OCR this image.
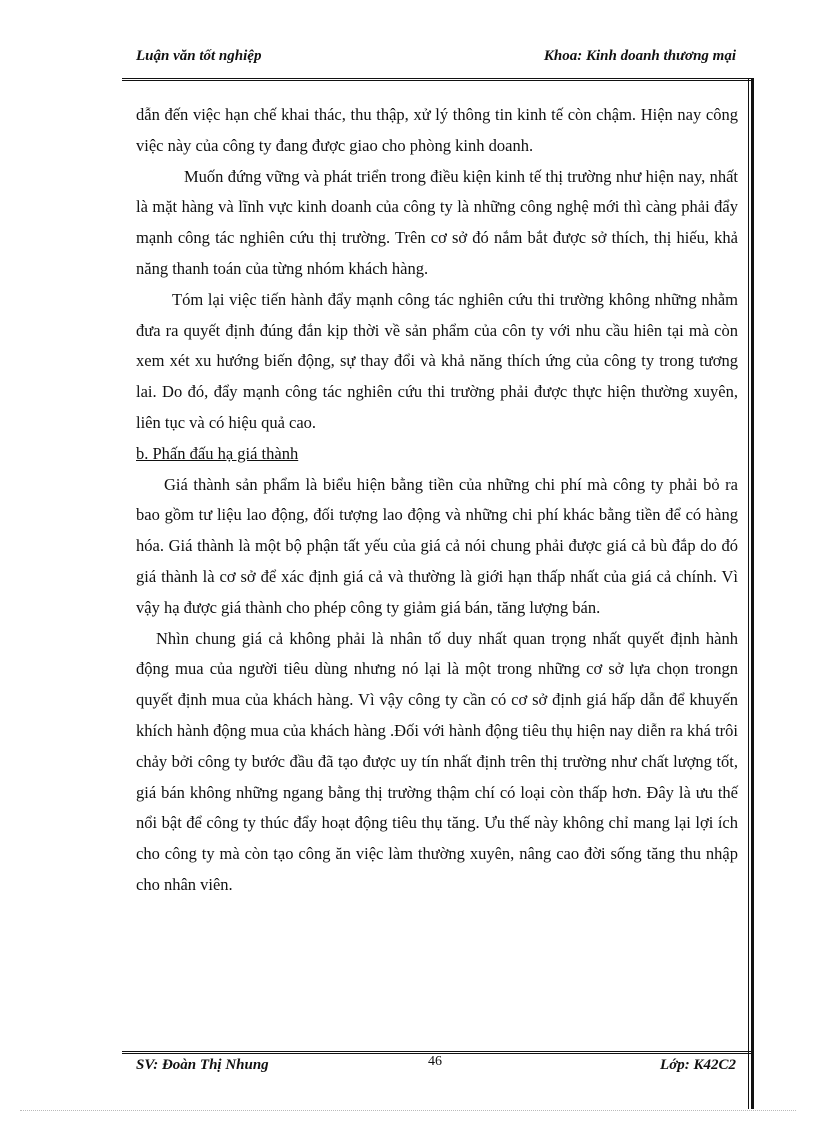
Luận văn tốt nghiệp	Khoa: Kinh doanh thương mại

dẫn đến việc hạn chế khai thác, thu thập, xử lý thông tin kinh tế còn chậm. Hiện nay công việc này của công ty đang được giao cho phòng kinh doanh.

Muốn đứng vững và phát triển trong điều kiện kinh tế thị trường như hiện nay, nhất là mặt hàng và lĩnh vực kinh doanh của công ty là những công nghệ mới thì càng phải đẩy mạnh công tác nghiên cứu thị trường. Trên cơ sở đó nắm bắt được sở thích, thị hiếu, khả năng thanh toán của từng nhóm khách hàng.

Tóm lại việc tiến hành đẩy mạnh công tác nghiên cứu thi trường không những nhằm đưa ra quyết định đúng đắn kịp thời về sản phẩm của côn ty với nhu cầu hiên tại mà còn xem xét xu hướng biến động, sự thay đổi và khả năng thích ứng của công ty trong tương lai. Do đó, đẩy mạnh công tác nghiên cứu thi trường phải được thực hiện thường xuyên, liên tục và có hiệu quả cao.

b. Phấn đấu hạ giá thành

Giá thành sản phẩm là biểu hiện bằng tiền của những chi phí mà công ty phải bỏ ra bao gồm tư liệu lao động, đối tượng lao động và những chi phí khác bằng tiền để có hàng hóa. Giá thành là một bộ phận tất yếu của giá cả nói chung phải được giá cả bù đắp do đó giá thành là cơ sở để xác định giá cả và thường là giới hạn thấp nhất của giá cả chính. Vì vậy hạ được giá thành cho phép công ty giảm giá bán, tăng lượng bán.

Nhìn chung giá cả không phải là nhân tố duy nhất quan trọng nhất quyết định hành động mua của người tiêu dùng nhưng nó lại là một trong những cơ sở lựa chọn trongn quyết định mua của khách hàng. Vì vậy công ty cần có cơ sở định giá hấp dẫn để khuyến khích hành động mua của khách hàng .Đối với hành động tiêu thụ hiện nay diễn ra khá trôi chảy bởi công ty bước đầu đã tạo được uy tín nhất định trên thị trường như chất lượng tốt, giá bán không những ngang bằng thị trường thậm chí có loại còn thấp hơn. Đây là ưu thế nổi bật để công ty thúc đẩy hoạt động tiêu thụ tăng. Ưu thế này không chỉ mang lại lợi ích cho công ty mà còn tạo công ăn việc làm thường xuyên, nâng cao đời sống tăng thu nhập cho nhân viên.

SV: Đoàn Thị Nhung	46	Lớp: K42C2
